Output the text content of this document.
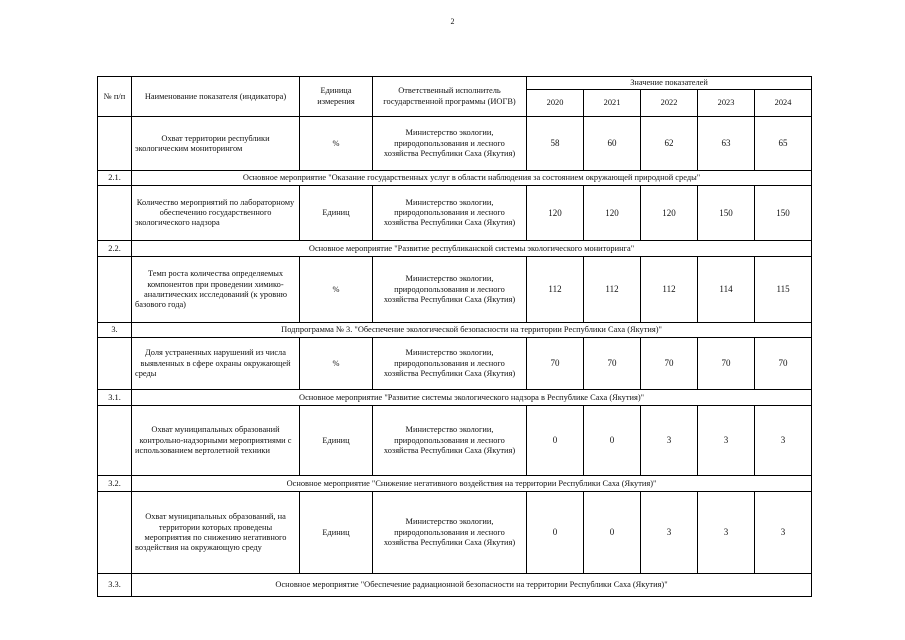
2
№ п/п	Наименование показателя (индикатора)	Единица измерения	Ответственный исполнитель государственной программы (ИОГВ)	Значение показателей				
				2020	2021	2022	2023	2024
	Охват территории республики экологическим мониторингом	%	Министерство экологии, природопользования и лесного хозяйства Республики Саха (Якутия)	58	60	62	63	65
2.1.	Основное мероприятие "Оказание государственных услуг в области наблюдения за состоянием окружающей природной среды"							
	Количество мероприятий по лабораторному обеспечению государственного экологического надзора	Единиц	Министерство экологии, природопользования и лесного хозяйства Республики Саха (Якутия)	120	120	120	150	150
2.2.	Основное мероприятие "Развитие республиканской системы экологического мониторинга"							
	Темп роста количества определяемых компонентов при проведении химико-аналитических исследований (к уровню базового года)	%	Министерство экологии, природопользования и лесного хозяйства Республики Саха (Якутия)	112	112	112	114	115
3.	Подпрограмма № 3. "Обеспечение экологической безопасности на территории Республики Саха (Якутия)"							
	Доля устраненных нарушений из числа выявленных в сфере охраны окружающей среды	%	Министерство экологии, природопользования и лесного хозяйства Республики Саха (Якутия)	70	70	70	70	70
3.1.	Основное мероприятие "Развитие системы экологического надзора в Республике Саха (Якутия)"							
	Охват муниципальных образований контрольно-надзорными мероприятиями с использованием вертолетной техники	Единиц	Министерство экологии, природопользования и лесного хозяйства Республики Саха (Якутия)	0	0	3	3	3
3.2.	Основное мероприятие "Снижение негативного воздействия на территории Республики Саха (Якутия)"							
	Охват муниципальных образований, на территории которых проведены мероприятия по снижению негативного воздействия на окружающую среду	Единиц	Министерство экологии, природопользования и лесного хозяйства Республики Саха (Якутия)	0	0	3	3	3
3.3.	Основное мероприятие "Обеспечение радиационной безопасности на территории Республики Саха (Якутия)"							
